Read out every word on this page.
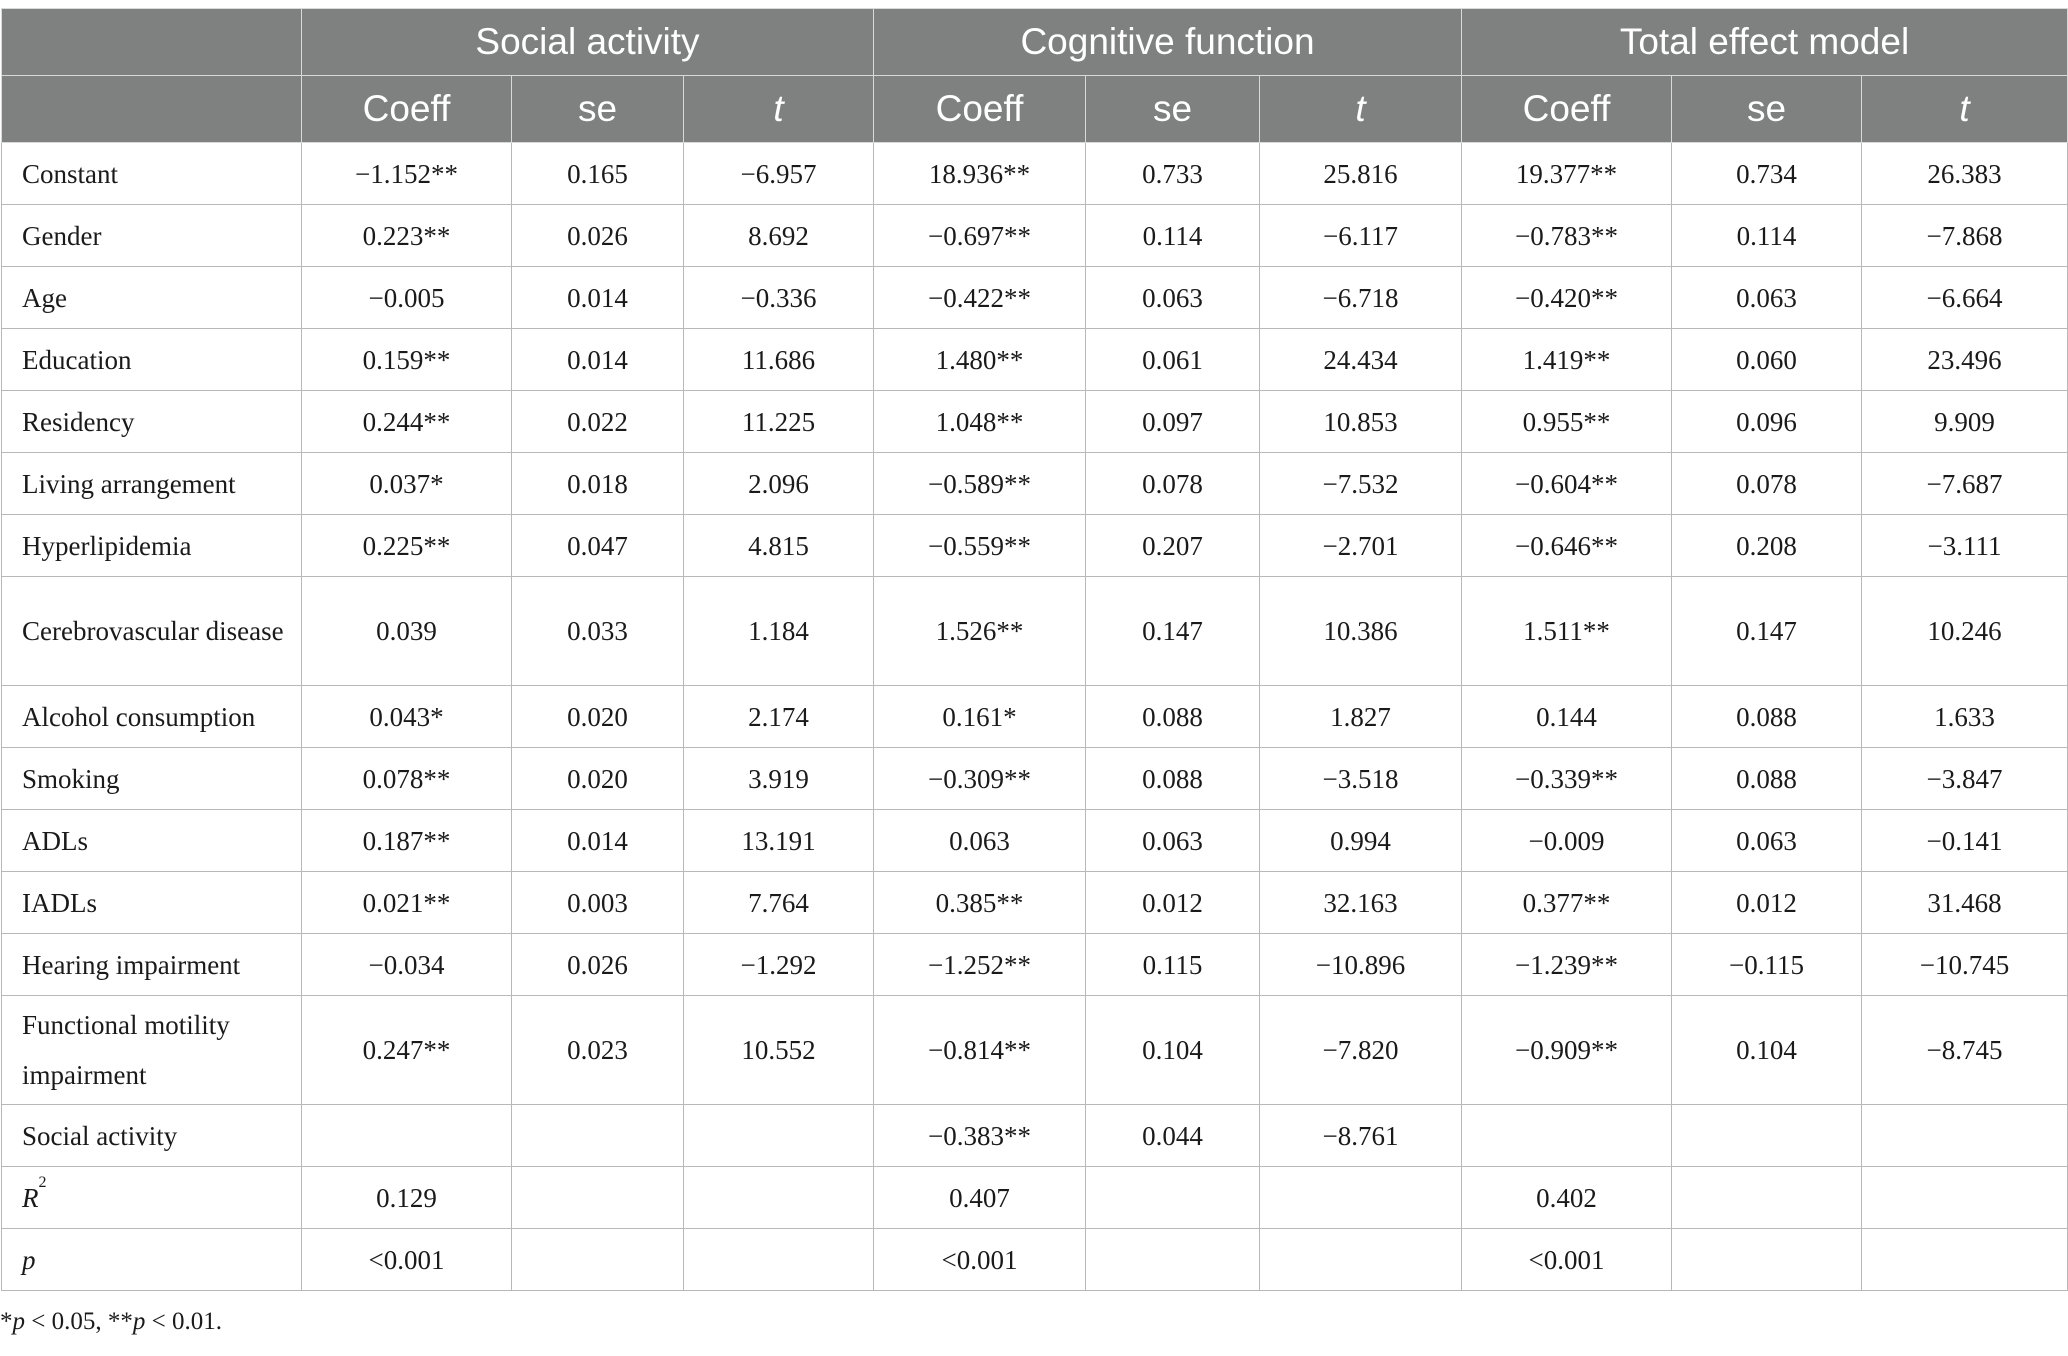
	Social activity			Cognitive function			Total effect model		
	Coeff	se	t	Coeff	se	t	Coeff	se	t
Constant	−1.152**	0.165	−6.957	18.936**	0.733	25.816	19.377**	0.734	26.383
Gender	0.223**	0.026	8.692	−0.697**	0.114	−6.117	−0.783**	0.114	−7.868
Age	−0.005	0.014	−0.336	−0.422**	0.063	−6.718	−0.420**	0.063	−6.664
Education	0.159**	0.014	11.686	1.480**	0.061	24.434	1.419**	0.060	23.496
Residency	0.244**	0.022	11.225	1.048**	0.097	10.853	0.955**	0.096	9.909
Living arrangement	0.037*	0.018	2.096	−0.589**	0.078	−7.532	−0.604**	0.078	−7.687
Hyperlipidemia	0.225**	0.047	4.815	−0.559**	0.207	−2.701	−0.646**	0.208	−3.111
Cerebrovascular disease	0.039	0.033	1.184	1.526**	0.147	10.386	1.511**	0.147	10.246
Alcohol consumption	0.043*	0.020	2.174	0.161*	0.088	1.827	0.144	0.088	1.633
Smoking	0.078**	0.020	3.919	−0.309**	0.088	−3.518	−0.339**	0.088	−3.847
ADLs	0.187**	0.014	13.191	0.063	0.063	0.994	−0.009	0.063	−0.141
IADLs	0.021**	0.003	7.764	0.385**	0.012	32.163	0.377**	0.012	31.468
Hearing impairment	−0.034	0.026	−1.292	−1.252**	0.115	−10.896	−1.239**	−0.115	−10.745
Functional motility impairment	0.247**	0.023	10.552	−0.814**	0.104	−7.820	−0.909**	0.104	−8.745
Social activity				−0.383**	0.044	−8.761			
$R^2$	0.129			0.407			0.402		
p	<0.001			<0.001			<0.001		
*p < 0.05, **p < 0.01.
